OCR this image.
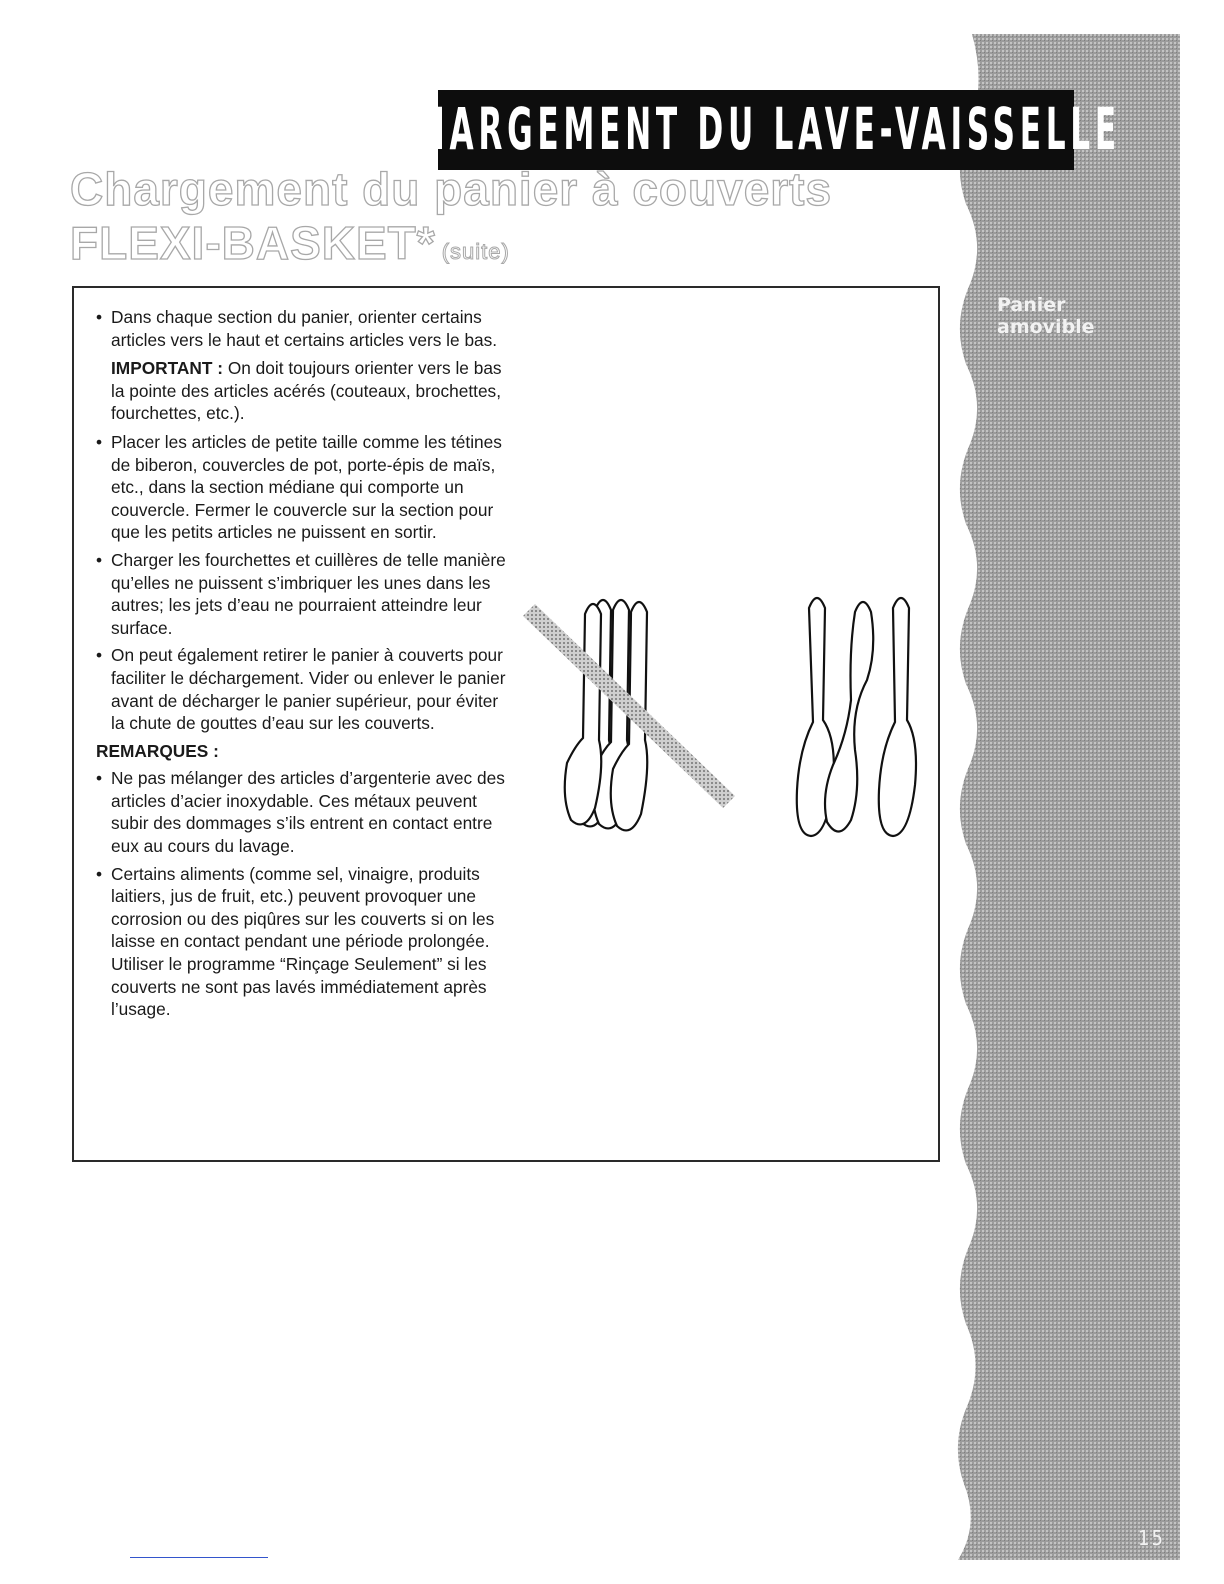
Panier amovible

15
CHARGEMENT DU LAVE-VAISSELLE
Chargement du panier à couverts
FLEXI-BASKET* (suite)
• Dans chaque section du panier, orienter certains articles vers le haut et certains articles vers le bas.
IMPORTANT : On doit toujours orienter vers le bas la pointe des articles acérés (couteaux, brochettes, fourchettes, etc.).
• Placer les articles de petite taille comme les tétines de biberon, couvercles de pot, porte-épis de maïs, etc., dans la section médiane qui comporte un couvercle. Fermer le couvercle sur la section pour que les petits articles ne puissent en sortir.
• Charger les fourchettes et cuillères de telle manière qu’elles ne puissent s’imbriquer les unes dans les autres; les jets d’eau ne pourraient atteindre leur surface.
• On peut également retirer le panier à couverts pour faciliter le déchargement. Vider ou enlever le panier avant de décharger le panier supérieur, pour éviter la chute de gouttes d’eau sur les couverts.
REMARQUES :
• Ne pas mélanger des articles d’argenterie avec des articles d’acier inoxydable. Ces métaux peuvent subir des dommages s’ils entrent en contact entre eux au cours du lavage.
• Certains aliments (comme sel, vinaigre, produits laitiers, jus de fruit, etc.) peuvent provoquer une corrosion ou des piqûres sur les couverts si on les laisse en contact pendant une période prolongée. Utiliser le programme “Rinçage Seulement” si les couverts ne sont pas lavés immédiatement après l’usage.
